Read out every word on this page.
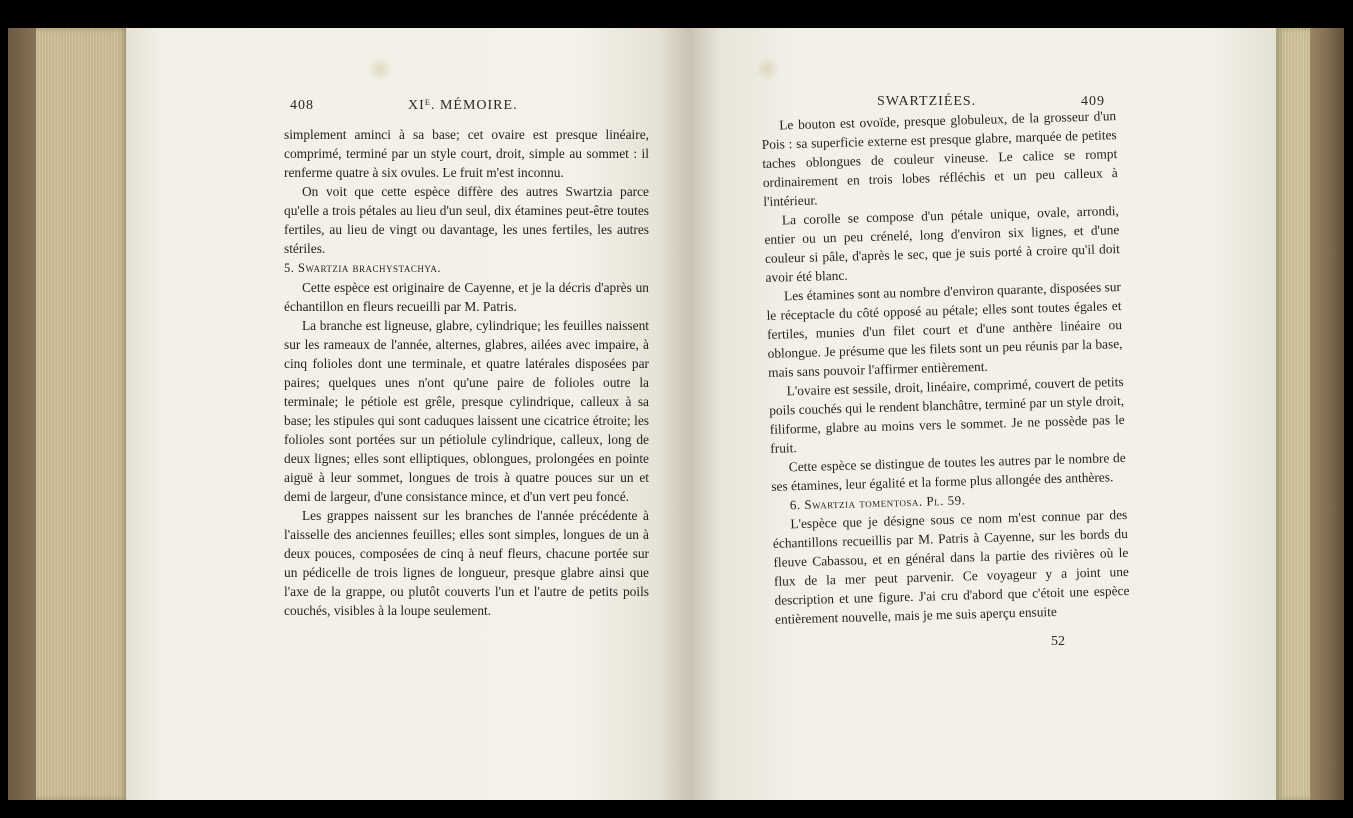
408	XIᴱ. MÉMOIRE.

simplement aminci à sa base; cet ovaire est presque linéaire, comprimé, terminé par un style court, droit, simple au sommet : il renferme quatre à six ovules. Le fruit m'est inconnu.

On voit que cette espèce diffère des autres Swartzia parce qu'elle a trois pétales au lieu d'un seul, dix étamines peut-être toutes fertiles, au lieu de vingt ou davantage, les unes fertiles, les autres stériles.

5. Swartzia brachystachya.

Cette espèce est originaire de Cayenne, et je la décris d'après un échantillon en fleurs recueilli par M. Patris.

La branche est ligneuse, glabre, cylindrique; les feuilles naissent sur les rameaux de l'année, alternes, glabres, ailées avec impaire, à cinq folioles dont une terminale, et quatre latérales disposées par paires; quelques unes n'ont qu'une paire de folioles outre la terminale; le pétiole est grêle, presque cylindrique, calleux à sa base; les stipules qui sont caduques laissent une cicatrice étroite; les folioles sont portées sur un pétiolule cylindrique, calleux, long de deux lignes; elles sont elliptiques, oblongues, prolongées en pointe aiguë à leur sommet, longues de trois à quatre pouces sur un et demi de largeur, d'une consistance mince, et d'un vert peu foncé.

Les grappes naissent sur les branches de l'année précédente à l'aisselle des anciennes feuilles; elles sont simples, longues de un à deux pouces, composées de cinq à neuf fleurs, chacune portée sur un pédicelle de trois lignes de longueur, presque glabre ainsi que l'axe de la grappe, ou plutôt couverts l'un et l'autre de petits poils couchés, visibles à la loupe seulement.

SWARTZIÉES.	409

Le bouton est ovoïde, presque globuleux, de la grosseur d'un Pois : sa superficie externe est presque glabre, marquée de petites taches oblongues de couleur vineuse. Le calice se rompt ordinairement en trois lobes réfléchis et un peu calleux à l'intérieur.

La corolle se compose d'un pétale unique, ovale, arrondi, entier ou un peu crénelé, long d'environ six lignes, et d'une couleur si pâle, d'après le sec, que je suis porté à croire qu'il doit avoir été blanc.

Les étamines sont au nombre d'environ quarante, disposées sur le réceptacle du côté opposé au pétale; elles sont toutes égales et fertiles, munies d'un filet court et d'une anthère linéaire ou oblongue. Je présume que les filets sont un peu réunis par la base, mais sans pouvoir l'affirmer entièrement.

L'ovaire est sessile, droit, linéaire, comprimé, couvert de petits poils couchés qui le rendent blanchâtre, terminé par un style droit, filiforme, glabre au moins vers le sommet. Je ne possède pas le fruit.

Cette espèce se distingue de toutes les autres par le nombre de ses étamines, leur égalité et la forme plus allongée des anthères.

6. Swartzia tomentosa. Pl. 59.

L'espèce que je désigne sous ce nom m'est connue par des échantillons recueillis par M. Patris à Cayenne, sur les bords du fleuve Cabassou, et en général dans la partie des rivières où le flux de la mer peut parvenir. Ce voyageur y a joint une description et une figure. J'ai cru d'abord que c'étoit une espèce entièrement nouvelle, mais je me suis aperçu ensuite

52
